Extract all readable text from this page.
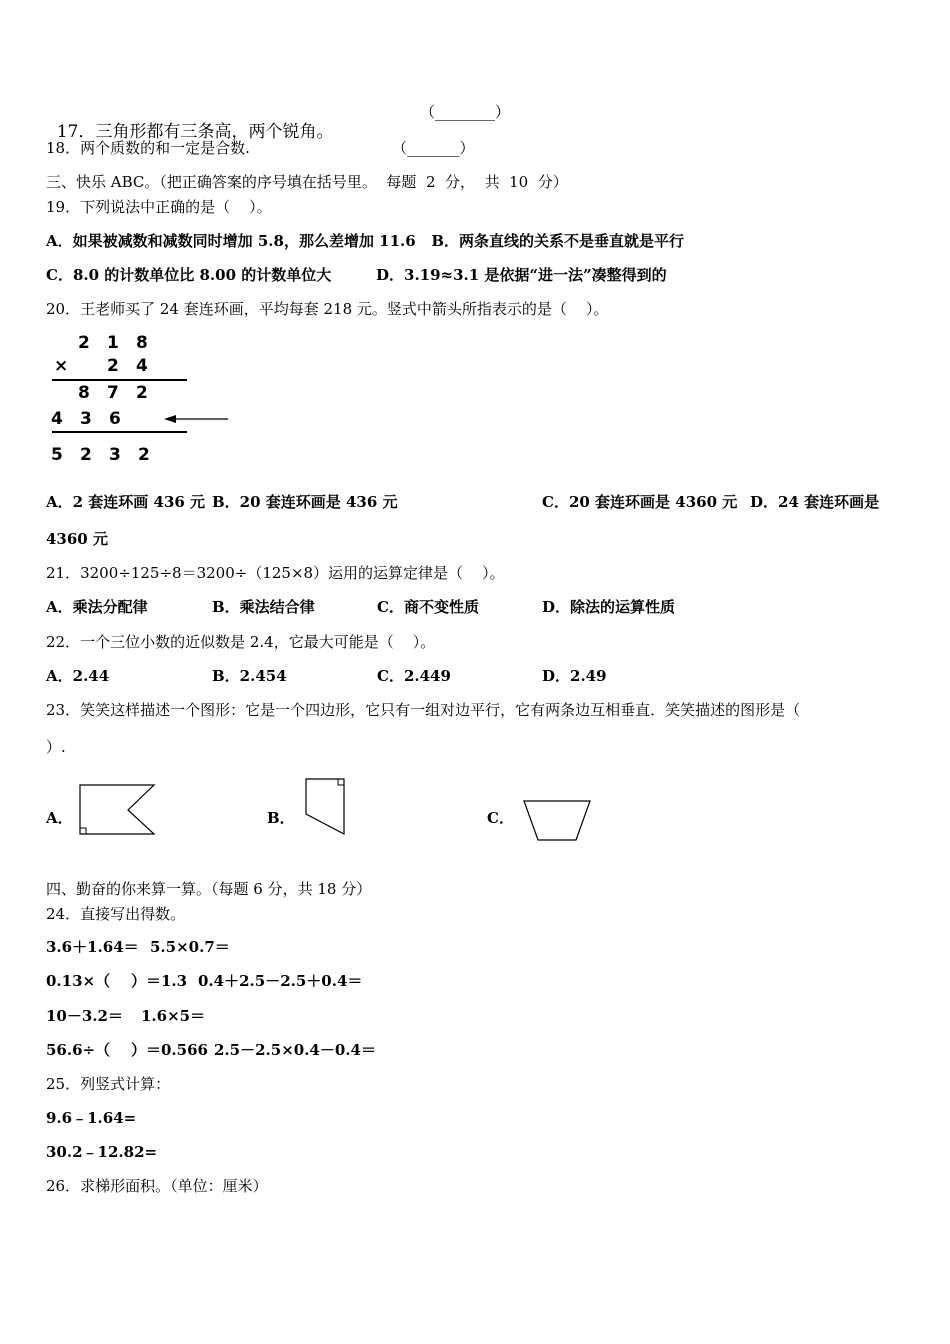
17．三角形都有三条高，两个锐角。

（________）
18．两个质数的和一定是合数.	（_______）
三、快乐 ABC。（把正确答案的序号填在括号里。  每题  2  分，  共  10  分）
19．下列说法中正确的是（    ）。
A．如果被减数和减数同时增加 5.8，那么差增加 11.6   B．两条直线的关系不是垂直就是平行
C．8.0 的计数单位比 8.00 的计数单位大	D．3.19≈3.1 是依据“进一法”凑整得到的
20．王老师买了 24 套连环画，平均每套 218 元。竖式中箭头所指表示的是（    ）。
2 1 8
× 2 4
8 7 2
4 3 6
5 2 3 2
A．2 套连环画 436 元 B．20 套连环画是 436 元	C．20 套连环画是 4360 元 D．24 套连环画是
4360 元
21．3200÷125÷8＝3200÷（125×8）运用的运算定律是（    ）。
A．乘法分配律	B．乘法结合律	C．商不变性质	D．除法的运算性质
22．一个三位小数的近似数是 2.4，它最大可能是（    ）。
A．2.44	B．2.454	C．2.449	D．2.49
23．笑笑这样描述一个图形：它是一个四边形，它只有一组对边平行，它有两条边互相垂直．笑笑描述的图形是（
）.
A．	B．	C．
四、勤奋的你来算一算。（每题 6 分，共 18 分）
24．直接写出得数。
3.6＋1.64＝ 5.5×0.7＝
0.13×（    ）＝1.3 0.4＋2.5－2.5＋0.4＝
10－3.2＝ 1.6×5＝
56.6÷（    ）＝0.566 2.5－2.5×0.4－0.4＝
25．列竖式计算：
9.6﹣1.64=
30.2﹣12.82=
26．求梯形面积。（单位：厘米）
